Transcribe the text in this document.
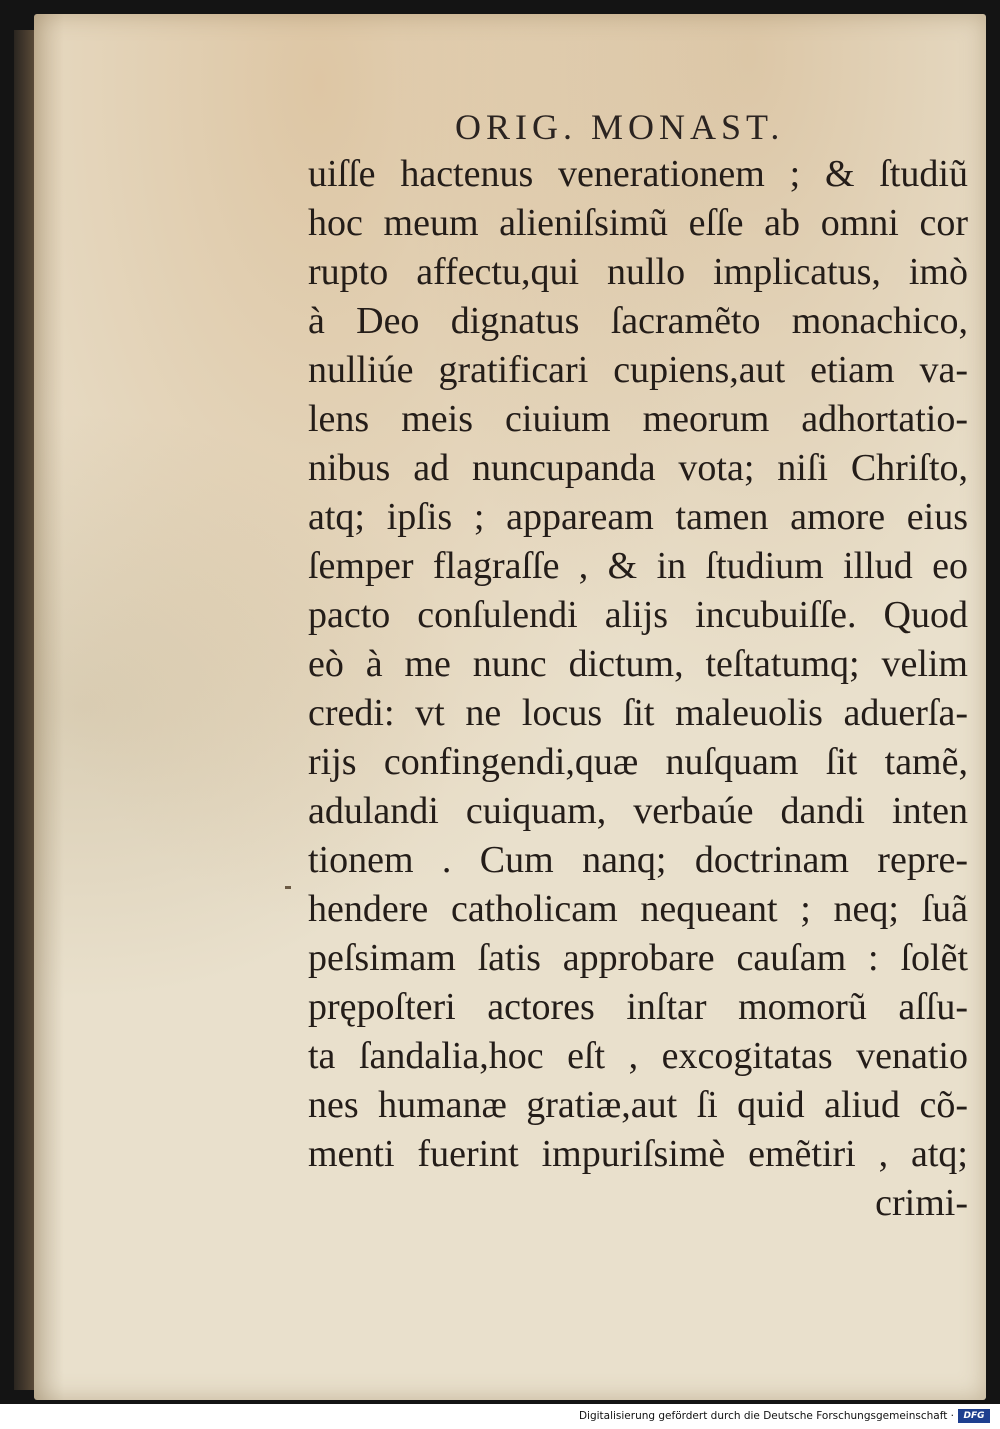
ORIG. MONAST.
uiſſe hactenus venerationem ; & ſtudiũ
hoc meum alieniſsimũ eſſe ab omni cor
rupto affectu,qui nullo implicatus, imò
à Deo dignatus ſacramẽto monachico,
nulliúe gratificari cupiens,aut etiam va-
lens meis ciuium meorum adhortatio-
nibus ad nuncupanda vota; niſi Chriſto,
atq; ipſis ; appaream tamen amore eius
ſemper flagraſſe , & in ſtudium illud eo
pacto conſulendi alijs incubuiſſe. Quod
eò à me nunc dictum, teſtatumq; velim
credi: vt ne locus ſit maleuolis aduerſa-
rijs confingendi,quæ nuſquam ſit tamẽ,
adulandi cuiquam, verbaúe dandi inten
tionem . Cum nanq; doctrinam repre-
hendere catholicam nequeant ; neq; ſuã
peſsimam ſatis approbare cauſam : ſolẽt
prępoſteri actores inſtar momorũ aſſu-
ta ſandalia,hoc eſt , excogitatas venatio
nes humanæ gratiæ,aut ſi quid aliud cõ-
menti fuerint impuriſsimè emẽtiri , atq;
crimi-
Digitalisierung gefördert durch die Deutsche Forschungsgemeinschaft ·	DFG
